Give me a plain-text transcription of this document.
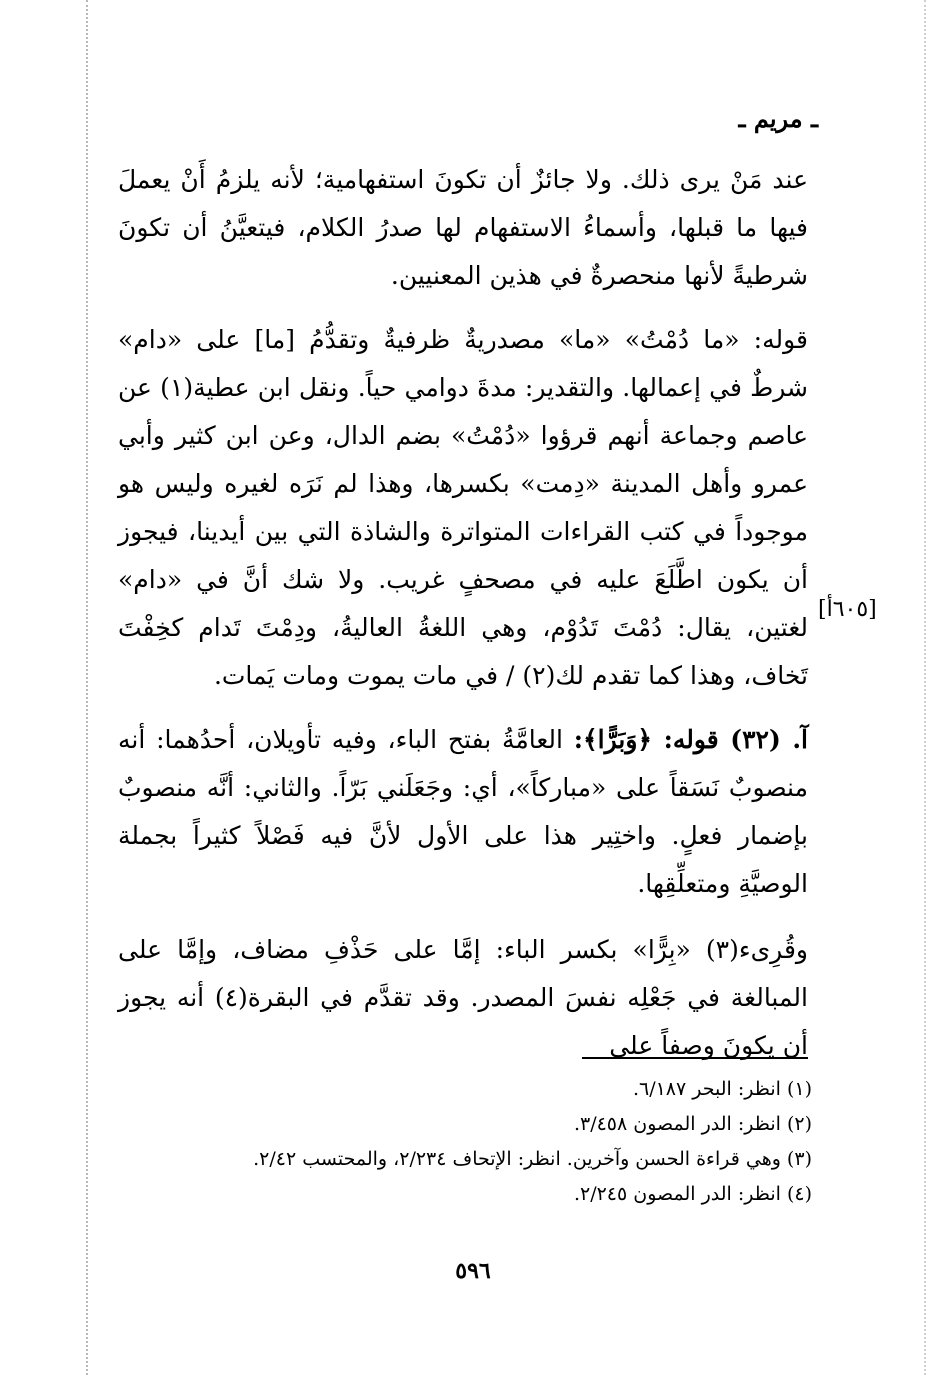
ـ مريم ـ

عند مَنْ يرى ذلك. ولا جائزٌ أن تكونَ استفهامية؛ لأنه يلزمُ أَنْ يعملَ فيها ما قبلها، وأسماءُ الاستفهام لها صدرُ الكلام، فيتعيَّنُ أن تكونَ شرطيةً لأنها منحصرةٌ في هذين المعنيين.

قوله: «ما دُمْتُ» «ما» مصدريةٌ ظرفيةٌ وتقدُّمُ [ما] على «دام» شرطٌ في إعمالها. والتقدير: مدةَ دوامي حياً. ونقل ابن عطية(١) عن عاصم وجماعة أنهم قرؤوا «دُمْتُ» بضم الدال، وعن ابن كثير وأبي عمرو وأهل المدينة «دِمت» بكسرها، وهذا لم نَرَه لغيره وليس هو موجوداً في كتب القراءات المتواترة والشاذة التي بين أيدينا، فيجوز أن يكون اطَّلَعَ عليه في مصحفٍ غريب. ولا شك أنَّ في «دام» لغتين، يقال: دُمْتَ تَدُوْم، وهي اللغةُ العاليةُ، ودِمْتَ تَدام كخِفْتَ تَخاف، وهذا كما تقدم لك(٢) / في مات يموت ومات يَمات.

[٦٠٥أ]

آ. (٣٢) قوله: ﴿وَبَرًّا﴾: العامَّةُ بفتح الباء، وفيه تأويلان، أحدُهما: أنه منصوبٌ نَسَقاً على «مباركاً»، أي: وجَعَلَني بَرّاً. والثاني: أنَّه منصوبٌ بإضمار فعلٍ. واختِير هذا على الأول لأنَّ فيه فَصْلاً كثيراً بجملة الوصيَّةِ ومتعلِّقِها.

وقُرِىء(٣) «بِرًّا» بكسر الباء: إمَّا على حَذْفِ مضاف، وإمَّا على المبالغة في جَعْلِه نفسَ المصدر. وقد تقدَّم في البقرة(٤) أنه يجوز أن يكونَ وصفاً على

(١) انظر: البحر ٦/١٨٧.
(٢) انظر: الدر المصون ٣/٤٥٨.
(٣) وهي قراءة الحسن وآخرين. انظر: الإتحاف ٢/٢٣٤، والمحتسب ٢/٤٢.
(٤) انظر: الدر المصون ٢/٢٤٥.
٥٩٦
